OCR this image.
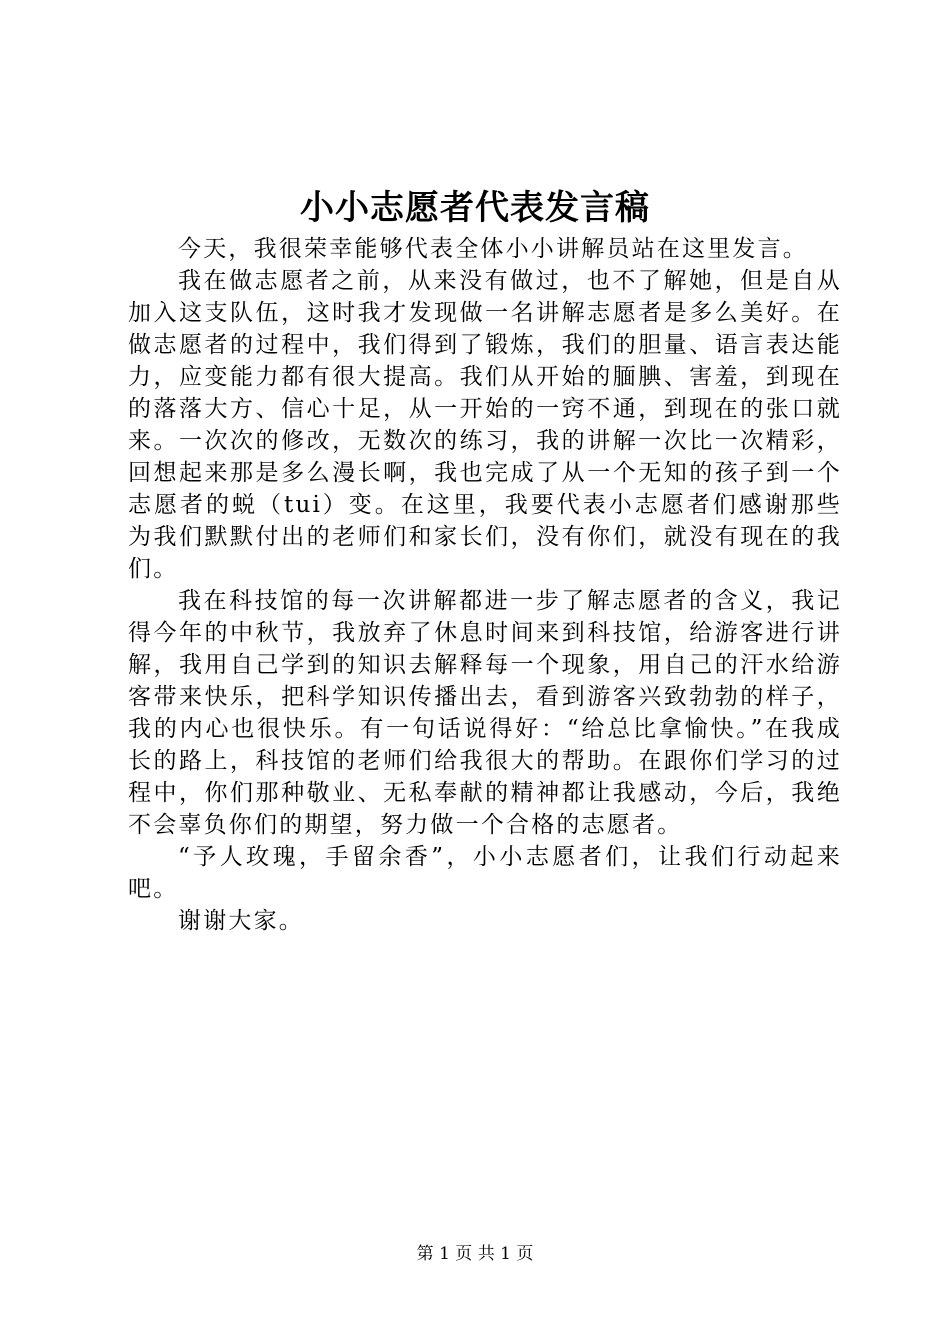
小小志愿者代表发言稿

今天，我很荣幸能够代表全体小小讲解员站在这里发言。

我在做志愿者之前，从来没有做过，也不了解她，但是自从加入这支队伍，这时我才发现做一名讲解志愿者是多么美好。在做志愿者的过程中，我们得到了锻炼，我们的胆量、语言表达能力，应变能力都有很大提高。我们从开始的腼腆、害羞，到现在的落落大方、信心十足，从一开始的一窍不通，到现在的张口就来。一次次的修改，无数次的练习，我的讲解一次比一次精彩，回想起来那是多么漫长啊，我也完成了从一个无知的孩子到一个志愿者的蜕（tui）变。在这里，我要代表小志愿者们感谢那些为我们默默付出的老师们和家长们，没有你们，就没有现在的我们。

我在科技馆的每一次讲解都进一步了解志愿者的含义，我记得今年的中秋节，我放弃了休息时间来到科技馆，给游客进行讲解，我用自己学到的知识去解释每一个现象，用自己的汗水给游客带来快乐，把科学知识传播出去，看到游客兴致勃勃的样子，我的内心也很快乐。有一句话说得好：“给总比拿愉快。”在我成长的路上，科技馆的老师们给我很大的帮助。在跟你们学习的过程中，你们那种敬业、无私奉献的精神都让我感动，今后，我绝不会辜负你们的期望，努力做一个合格的志愿者。

“予人玫瑰，手留余香”，小小志愿者们，让我们行动起来吧。

谢谢大家。

第 1 页 共 1 页
